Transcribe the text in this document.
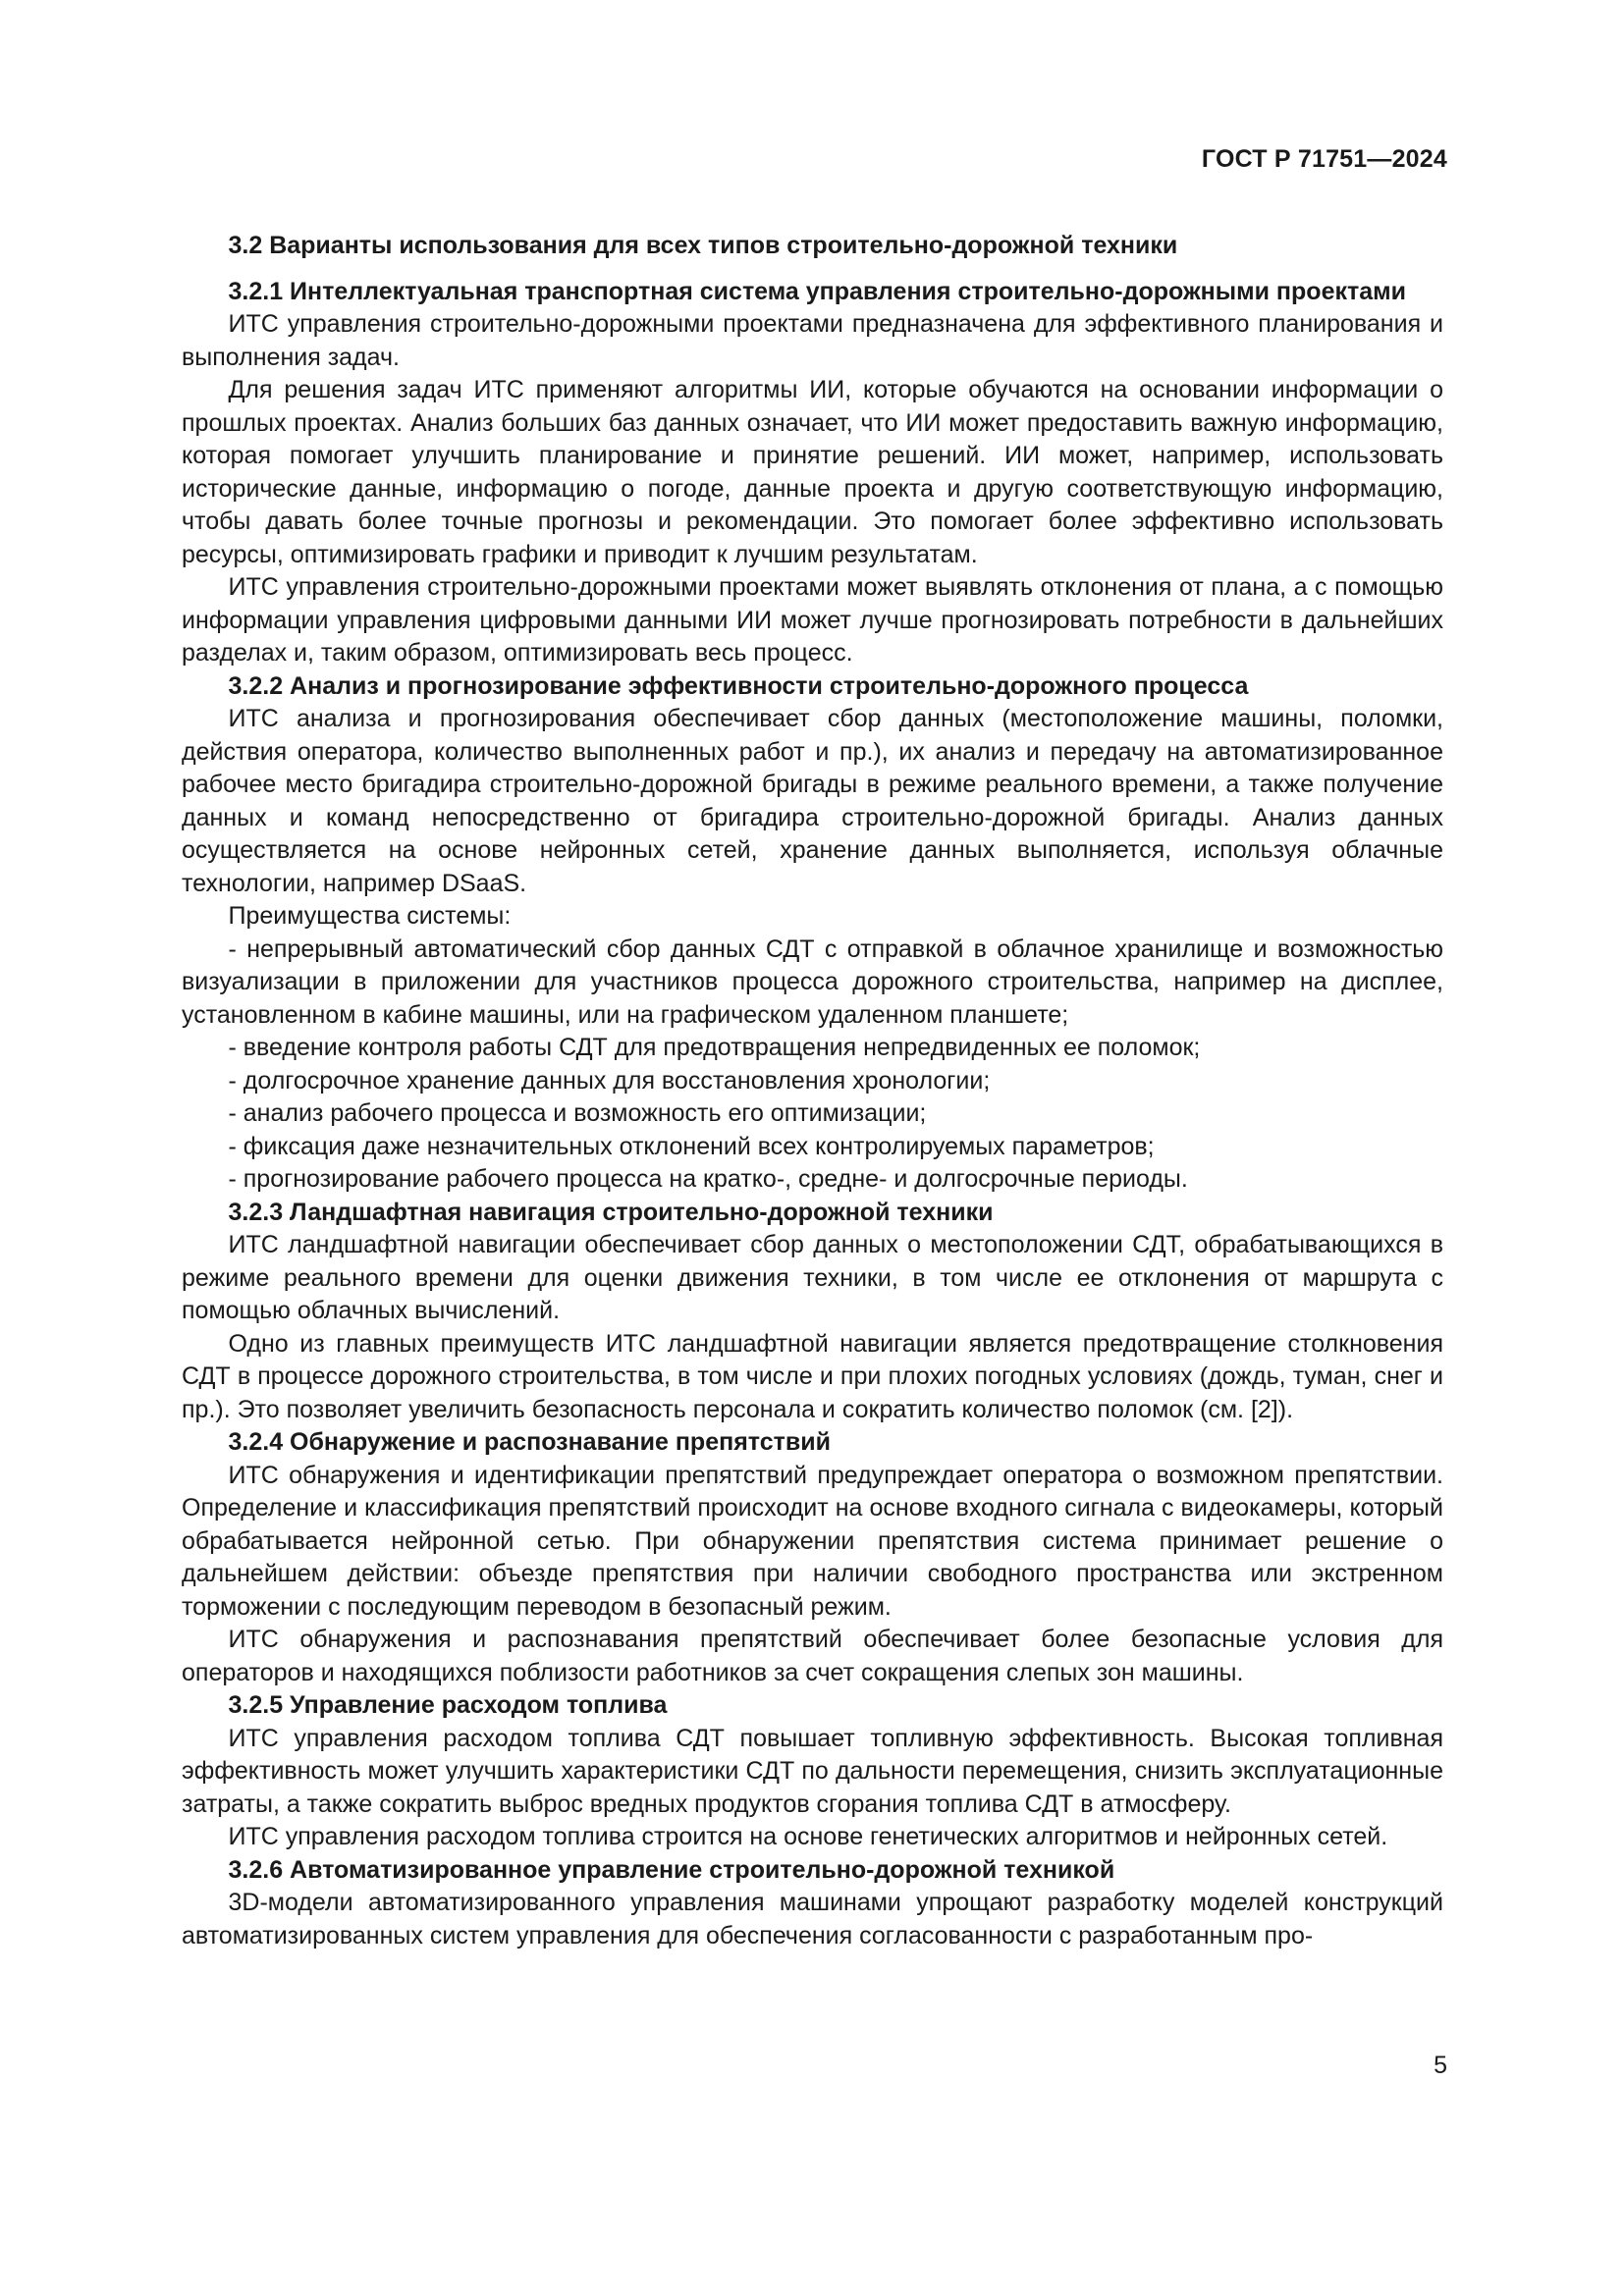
ГОСТ Р 71751—2024
3.2 Варианты использования для всех типов строительно-дорожной техники
3.2.1 Интеллектуальная транспортная система управления строительно-дорожными проектами

ИТС управления строительно-дорожными проектами предназначена для эффективного планирования и выполнения задач.

Для решения задач ИТС применяют алгоритмы ИИ, которые обучаются на основании информации о прошлых проектах. Анализ больших баз данных означает, что ИИ может предоставить важную информацию, которая помогает улучшить планирование и принятие решений. ИИ может, например, использовать исторические данные, информацию о погоде, данные проекта и другую соответствующую информацию, чтобы давать более точные прогнозы и рекомендации. Это помогает более эффективно использовать ресурсы, оптимизировать графики и приводит к лучшим результатам.

ИТС управления строительно-дорожными проектами может выявлять отклонения от плана, а с помощью информации управления цифровыми данными ИИ может лучше прогнозировать потребности в дальнейших разделах и, таким образом, оптимизировать весь процесс.

3.2.2 Анализ и прогнозирование эффективности строительно-дорожного процесса

ИТС анализа и прогнозирования обеспечивает сбор данных (местоположение машины, поломки, действия оператора, количество выполненных работ и пр.), их анализ и передачу на автоматизированное рабочее место бригадира строительно-дорожной бригады в режиме реального времени, а также получение данных и команд непосредственно от бригадира строительно-дорожной бригады. Анализ данных осуществляется на основе нейронных сетей, хранение данных выполняется, используя облачные технологии, например DSaaS.

Преимущества системы:

- непрерывный автоматический сбор данных СДТ с отправкой в облачное хранилище и возможностью визуализации в приложении для участников процесса дорожного строительства, например на дисплее, установленном в кабине машины, или на графическом удаленном планшете;

- введение контроля работы СДТ для предотвращения непредвиденных ее поломок;

- долгосрочное хранение данных для восстановления хронологии;

- анализ рабочего процесса и возможность его оптимизации;

- фиксация даже незначительных отклонений всех контролируемых параметров;

- прогнозирование рабочего процесса на кратко-, средне- и долгосрочные периоды.

3.2.3 Ландшафтная навигация строительно-дорожной техники

ИТС ландшафтной навигации обеспечивает сбор данных о местоположении СДТ, обрабатывающихся в режиме реального времени для оценки движения техники, в том числе ее отклонения от маршрута с помощью облачных вычислений.

Одно из главных преимуществ ИТС ландшафтной навигации является предотвращение столкновения СДТ в процессе дорожного строительства, в том числе и при плохих погодных условиях (дождь, туман, снег и пр.). Это позволяет увеличить безопасность персонала и сократить количество поломок (см. [2]).

3.2.4 Обнаружение и распознавание препятствий

ИТС обнаружения и идентификации препятствий предупреждает оператора о возможном препятствии. Определение и классификация препятствий происходит на основе входного сигнала с видеокамеры, который обрабатывается нейронной сетью. При обнаружении препятствия система принимает решение о дальнейшем действии: объезде препятствия при наличии свободного пространства или экстренном торможении с последующим переводом в безопасный режим.

ИТС обнаружения и распознавания препятствий обеспечивает более безопасные условия для операторов и находящихся поблизости работников за счет сокращения слепых зон машины.

3.2.5 Управление расходом топлива

ИТС управления расходом топлива СДТ повышает топливную эффективность. Высокая топливная эффективность может улучшить характеристики СДТ по дальности перемещения, снизить эксплуатационные затраты, а также сократить выброс вредных продуктов сгорания топлива СДТ в атмосферу.

ИТС управления расходом топлива строится на основе генетических алгоритмов и нейронных сетей.

3.2.6 Автоматизированное управление строительно-дорожной техникой

3D-модели автоматизированного управления машинами упрощают разработку моделей конструкций автоматизированных систем управления для обеспечения согласованности с разработанным про-

5
